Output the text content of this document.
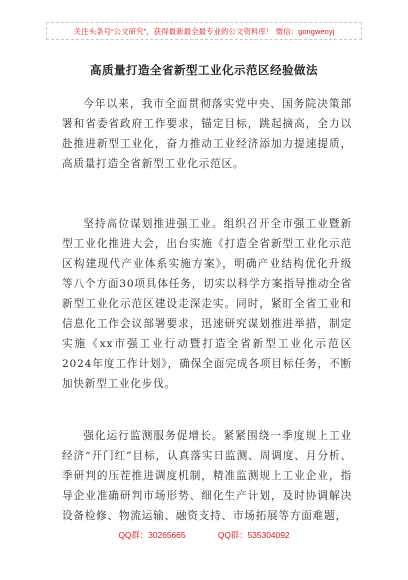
关注头条号“公文研究”，获得最新最全最专业的公文资料库！ 微信：gongwenyj
高质量打造全省新型工业化示范区经验做法

今年以来，我市全面贯彻落实党中央、国务院决策部署和省委省政府工作要求，锚定目标，跳起摘高，全力以赴推进新型工业化，奋力推动工业经济添加力提速提质，高质量打造全省新型工业化示范区。

坚持高位谋划推进强工业。组织召开全市强工业暨新型工业化推进大会，出台实施《打造全省新型工业化示范区构建现代产业体系实施方案》，明确产业结构优化升级等八个方面30项具体任务，切实以科学方案指导推动全省新型工业化示范区建设走深走实。同时，紧盯全省工业和信息化工作会议部署要求，迅速研究谋划推进举措，制定实施《xx市强工业行动暨打造全省新型工业化示范区2024年度工作计划》，确保全面完成各项目标任务，不断加快新型工业化步伐。

强化运行监测服务促增长。紧紧围绕一季度规上工业经济“开门红”目标，认真落实日监测、周调度、月分析、季研判的压茬推进调度机制，精准监测规上工业企业，指导企业准确研判市场形势、细化生产计划，及时协调解决设备检修、物流运输、融资支持、市场拓展等方面难题，

QQ群：30265665	QQ群：535304092
